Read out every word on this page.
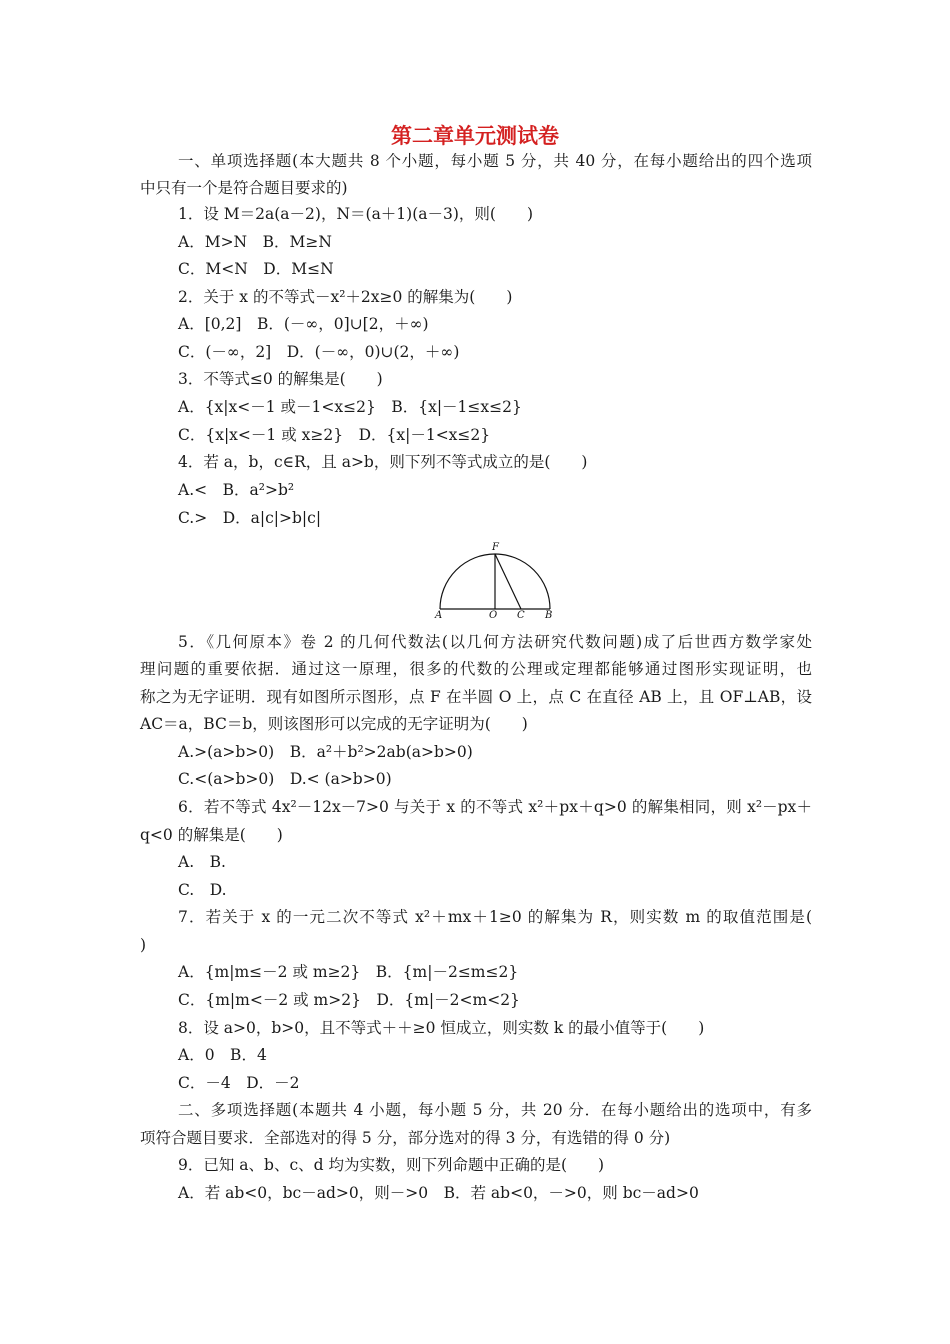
第二章单元测试卷
一、单项选择题(本大题共 8 个小题，每小题 5 分，共 40 分，在每小题给出的四个选项
中只有一个是符合题目要求的)
1．设 M＝2a(a－2)，N＝(a＋1)(a－3)，则(　　)
A．M>N　B．M≥N
C．M<N　D．M≤N
2．关于 x 的不等式－x²＋2x≥0 的解集为(　　)
A．[0,2]　B．(－∞，0]∪[2，＋∞)
C．(－∞，2]　D．(－∞，0)∪(2，＋∞)
3．不等式≤0 的解集是(　　)
A．{x|x<－1 或－1<x≤2}　B．{x|－1≤x≤2}
C．{x|x<－1 或 x≥2}　D．{x|－1<x≤2}
4．若 a，b，c∈R，且 a>b，则下列不等式成立的是(　　)
A.<　B．a²>b²
C.>　D．a|c|>b|c|
F
A	O C B
5．《几何原本》卷 2 的几何代数法(以几何方法研究代数问题)成了后世西方数学家处
理问题的重要依据．通过这一原理，很多的代数的公理或定理都能够通过图形实现证明，也
称之为无字证明．现有如图所示图形，点 F 在半圆 O 上，点 C 在直径 AB 上，且 OF⊥AB，设
AC＝a，BC＝b，则该图形可以完成的无字证明为(　　)
A.>(a>b>0)　B．a²＋b²>2ab(a>b>0)
C.<(a>b>0)　D.< (a>b>0)
6．若不等式 4x²－12x－7>0 与关于 x 的不等式 x²＋px＋q>0 的解集相同，则 x²－px＋
q<0 的解集是(　　)
A.　B.
C.　D.
7．若关于 x 的一元二次不等式 x²＋mx＋1≥0 的解集为 R，则实数 m 的取值范围是(
)
A．{m|m≤－2 或 m≥2}　B．{m|－2≤m≤2}
C．{m|m<－2 或 m>2}　D．{m|－2<m<2}
8．设 a>0，b>0，且不等式＋＋≥0 恒成立，则实数 k 的最小值等于(　　)
A．0　B．4
C．－4　D．－2
二、多项选择题(本题共 4 小题，每小题 5 分，共 20 分．在每小题给出的选项中，有多
项符合题目要求．全部选对的得 5 分，部分选对的得 3 分，有选错的得 0 分)
9．已知 a、b、c、d 均为实数，则下列命题中正确的是(　　)
A．若 ab<0，bc－ad>0，则－>0　B．若 ab<0，－>0，则 bc－ad>0
